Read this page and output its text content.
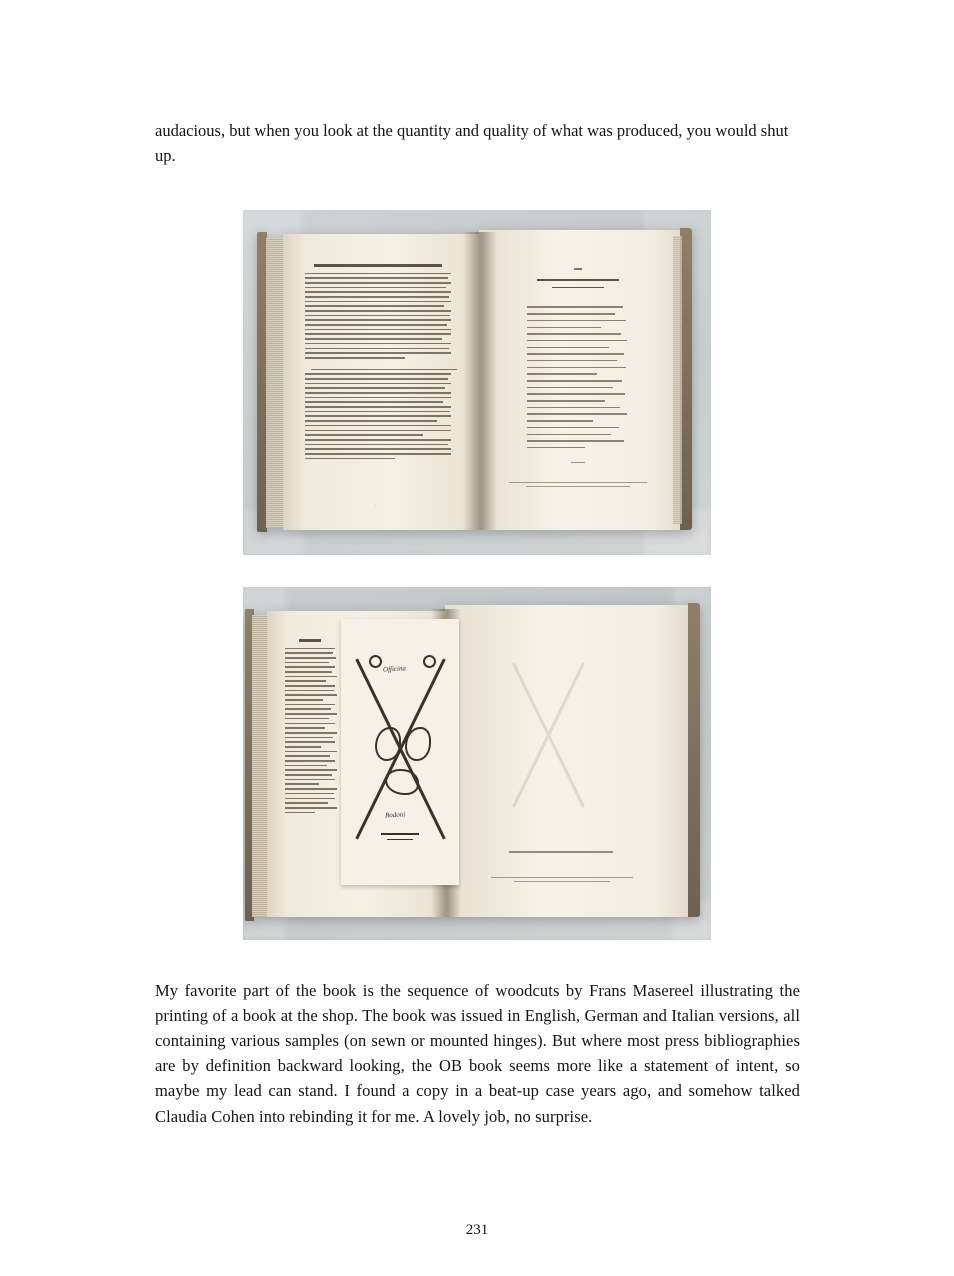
audacious, but when you look at the quantity and quality of what was produced, you would shut up.

·
Officina
Bodoni

My favorite part of the book is the sequence of woodcuts by Frans Masereel illustrating the printing of a book at the shop. The book was issued in English, German and Italian versions, all containing various samples (on sewn or mounted hinges). But where most press bibliographies are by definition backward looking, the OB book seems more like a statement of intent, so maybe my lead can stand. I found a copy in a beat-up case years ago, and somehow talked Claudia Cohen into rebinding it for me. A lovely job, no surprise.

231
